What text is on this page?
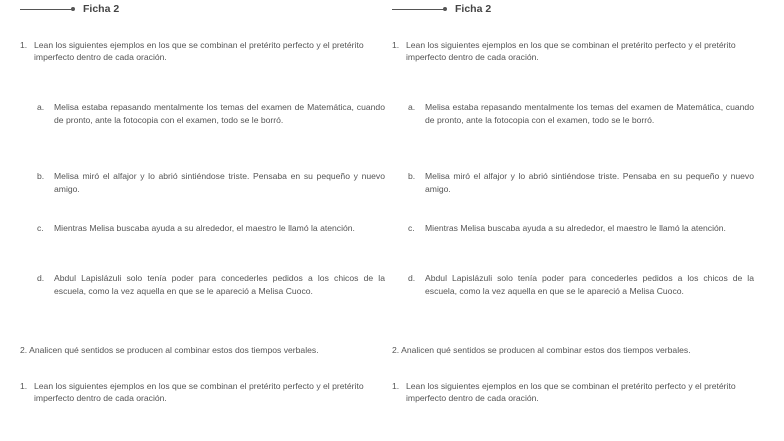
Ficha 2
1. Lean los siguientes ejemplos en los que se combinan el pretérito perfecto y el pretérito imperfecto dentro de cada oración.
a.	Melisa estaba repasando mentalmente los temas del examen de Matemática, cuando de pronto, ante la fotocopia con el examen, todo se le borró.
b.	Melisa miró el alfajor y lo abrió sintiéndose triste. Pensaba en su pequeño y nuevo amigo.
c.	Mientras Melisa buscaba ayuda a su alrededor, el maestro le llamó la atención.
d.	Abdul Lapislázuli solo tenía poder para concederles pedidos a los chicos de la escuela, como la vez aquella en que se le apareció a Melisa Cuoco.
2. Analicen qué sentidos se producen al combinar estos dos tiempos verbales.
1. Lean los siguientes ejemplos en los que se combinan el pretérito perfecto y el pretérito imperfecto dentro de cada oración.
Ficha 2
1. Lean los siguientes ejemplos en los que se combinan el pretérito perfecto y el pretérito imperfecto dentro de cada oración.
a.	Melisa estaba repasando mentalmente los temas del examen de Matemática, cuando de pronto, ante la fotocopia con el examen, todo se le borró.
b.	Melisa miró el alfajor y lo abrió sintiéndose triste. Pensaba en su pequeño y nuevo amigo.
c.	Mientras Melisa buscaba ayuda a su alrededor, el maestro le llamó la atención.
d.	Abdul Lapislázuli solo tenía poder para concederles pedidos a los chicos de la escuela, como la vez aquella en que se le apareció a Melisa Cuoco.
2. Analicen qué sentidos se producen al combinar estos dos tiempos verbales.
1. Lean los siguientes ejemplos en los que se combinan el pretérito perfecto y el pretérito imperfecto dentro de cada oración.
